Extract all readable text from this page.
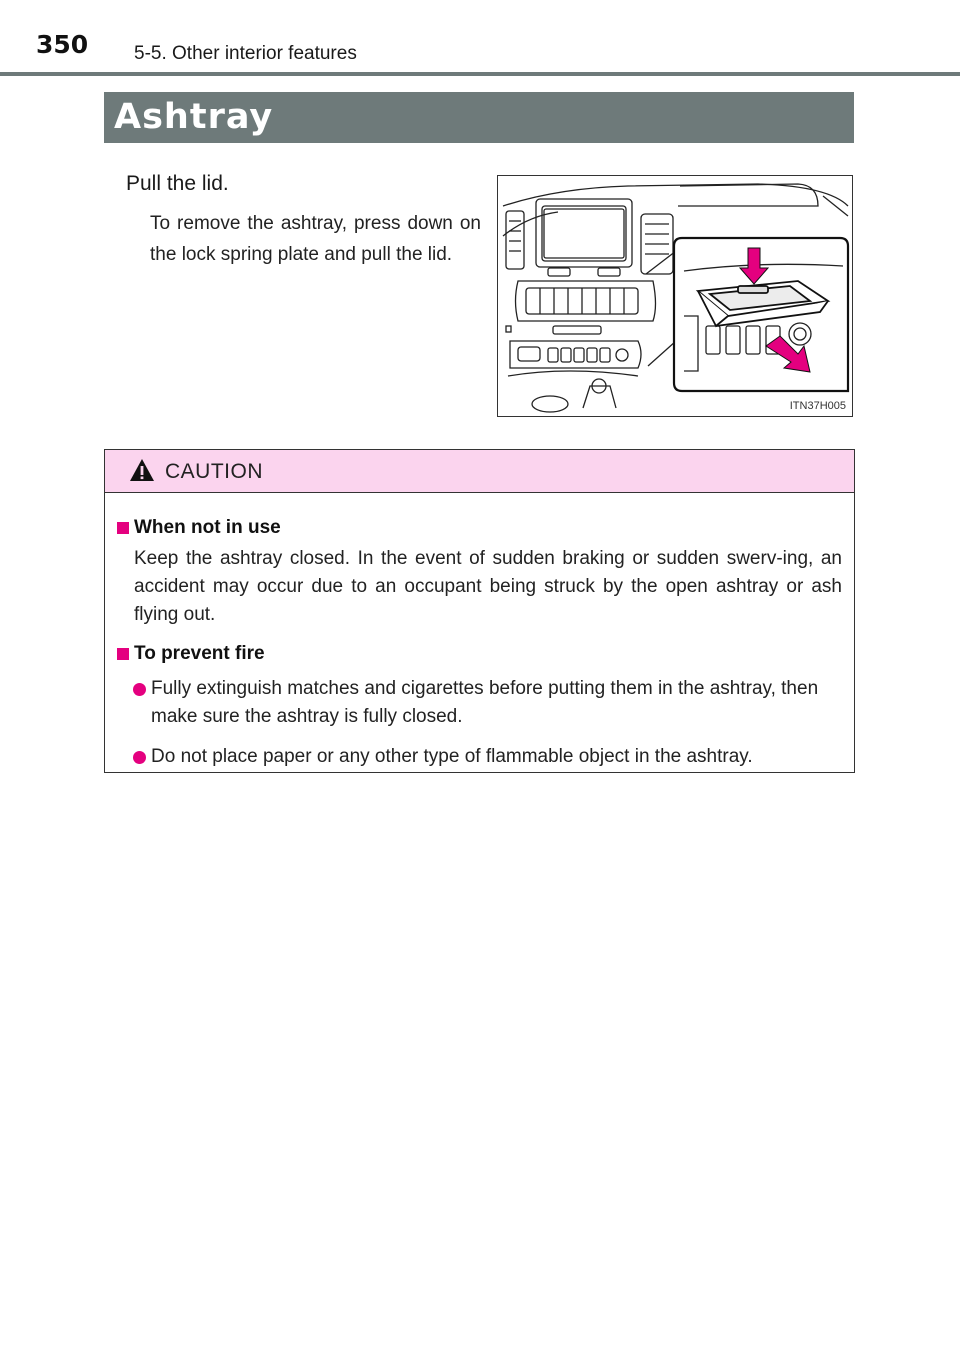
350 5-5. Other interior features
Ashtray

Pull the lid.

To remove the ashtray, press down on the lock spring plate and pull the lid.

ITN37H005
CAUTION
When not in use

Keep the ashtray closed. In the event of sudden braking or sudden swerv-ing, an accident may occur due to an occupant being struck by the open ashtray or ash flying out.

To prevent fire
Fully extinguish matches and cigarettes before putting them in the ashtray, then make sure the ashtray is fully closed.
Do not place paper or any other type of flammable object in the ashtray.
